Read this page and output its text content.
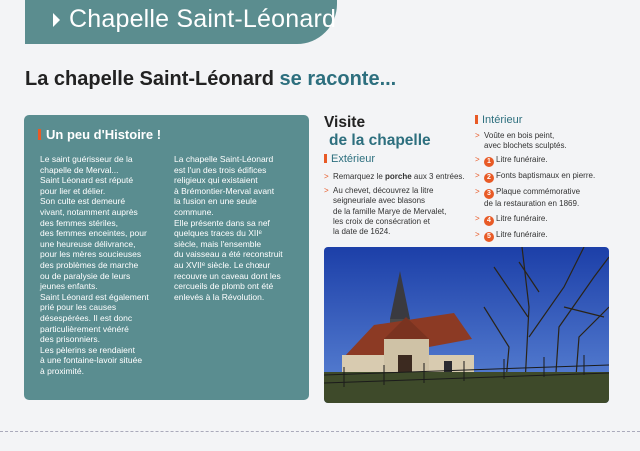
Chapelle Saint-Léonard
La chapelle Saint-Léonard se raconte...
Un peu d'Histoire !

Le saint guérisseur de la

chapelle de Merval...

Saint Léonard est réputé

pour lier et délier.

Son culte est demeuré

vivant, notamment auprès

des femmes stériles,

des femmes enceintes, pour

une heureuse délivrance,

pour les mères soucieuses

des problèmes de marche

ou de paralysie de leurs

jeunes enfants.

Saint Léonard est également

prié pour les causes

désespérées. Il est donc

particulièrement vénéré

des prisonniers.

Les pèlerins se rendaient

à une fontaine-lavoir située

à proximité.

La chapelle Saint-Léonard

est l'un des trois édifices

religieux qui existaient

à Brémontier-Merval avant

la fusion en une seule

commune.

Elle présente dans sa nef

quelques traces du XIIᵉ

siècle, mais l'ensemble

du vaisseau a été reconstruit

au XVIIᵉ siècle. Le chœur

recouvre un caveau dont les

cercueils de plomb ont été

enlevés à la Révolution.

Visite
de la chapelle
Extérieur
> Remarquez le porche aux 3 entrées.
> Au chevet, découvrez la litre
seigneuriale avec blasons
de la famille Marye de Mervalet,
les croix de consécration et
la date de 1624.
Intérieur
> Voûte en bois peint,
avec blochets sculptés.
> 1 Litre funéraire.
> 2 Fonts baptismaux en pierre.
> 3 Plaque commémorative
de la restauration en 1869.
> 4 Litre funéraire.
> 5 Litre funéraire.
